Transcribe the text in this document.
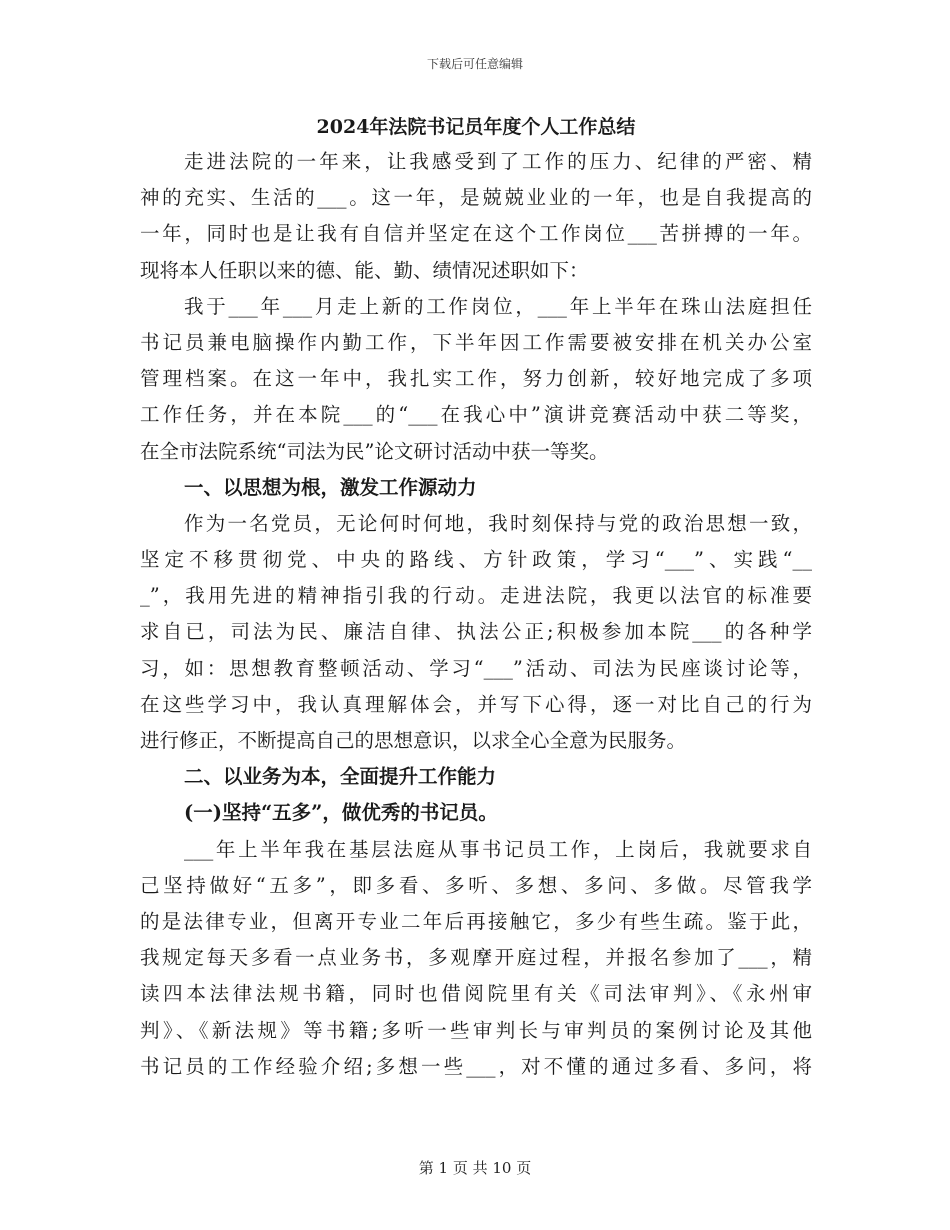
下载后可任意编辑
2024年法院书记员年度个人工作总结
走进法院的一年来，让我感受到了工作的压力、纪律的严密、精
神的充实、生活的___。这一年，是兢兢业业的一年，也是自我提高的
一年，同时也是让我有自信并坚定在这个工作岗位___苦拼搏的一年。
现将本人任职以来的德、能、勤、绩情况述职如下：
我于___年___月走上新的工作岗位，___年上半年在珠山法庭担任
书记员兼电脑操作内勤工作，下半年因工作需要被安排在机关办公室
管理档案。在这一年中，我扎实工作，努力创新，较好地完成了多项
工作任务，并在本院___的“___在我心中”演讲竞赛活动中获二等奖，
在全市法院系统“司法为民”论文研讨活动中获一等奖。
一、以思想为根，激发工作源动力
作为一名党员，无论何时何地，我时刻保持与党的政治思想一致，
坚定不移贯彻党、中央的路线、方针政策，学习“___”、实践“__
_”，我用先进的精神指引我的行动。走进法院，我更以法官的标准要
求自已，司法为民、廉洁自律、执法公正;积极参加本院___的各种学
习，如：思想教育整顿活动、学习“___”活动、司法为民座谈讨论等，
在这些学习中，我认真理解体会，并写下心得，逐一对比自己的行为
进行修正，不断提高自己的思想意识，以求全心全意为民服务。
二、以业务为本，全面提升工作能力
(一)坚持“五多”，做优秀的书记员。
___年上半年我在基层法庭从事书记员工作，上岗后，我就要求自
己坚持做好“五多”，即多看、多听、多想、多问、多做。尽管我学
的是法律专业，但离开专业二年后再接触它，多少有些生疏。鉴于此，
我规定每天多看一点业务书，多观摩开庭过程，并报名参加了___，精
读四本法律法规书籍，同时也借阅院里有关《司法审判》、《永州审
判》、《新法规》等书籍;多听一些审判长与审判员的案例讨论及其他
书记员的工作经验介绍;多想一些___，对不懂的通过多看、多问，将
第 1 页 共 10 页
